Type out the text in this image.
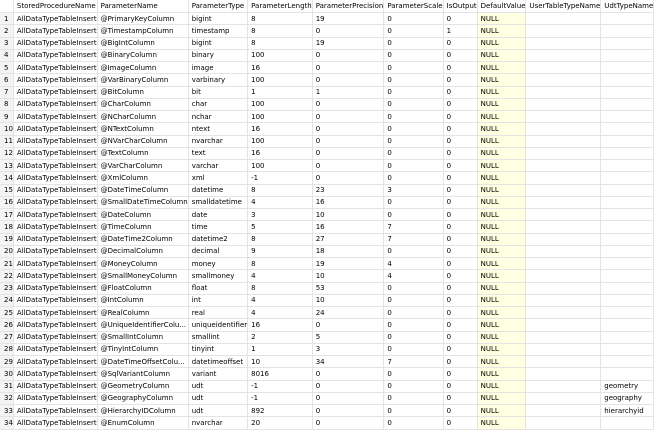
	StoredProcedureName	ParameterName	ParameterType	ParameterLength	ParameterPrecision	ParameterScale	IsOutput	DefaultValue	UserTableTypeName	UdtTypeName
1	AllDataTypeTableInsert	@PrimaryKeyColumn	bigint	8	19	0	0	NULL		
2	AllDataTypeTableInsert	@TimestampColumn	timestamp	8	0	0	1	NULL		
3	AllDataTypeTableInsert	@BigIntColumn	bigint	8	19	0	0	NULL		
4	AllDataTypeTableInsert	@BinaryColumn	binary	100	0	0	0	NULL		
5	AllDataTypeTableInsert	@ImageColumn	image	16	0	0	0	NULL		
6	AllDataTypeTableInsert	@VarBinaryColumn	varbinary	100	0	0	0	NULL		
7	AllDataTypeTableInsert	@BitColumn	bit	1	1	0	0	NULL		
8	AllDataTypeTableInsert	@CharColumn	char	100	0	0	0	NULL		
9	AllDataTypeTableInsert	@NCharColumn	nchar	100	0	0	0	NULL		
10	AllDataTypeTableInsert	@NTextColumn	ntext	16	0	0	0	NULL		
11	AllDataTypeTableInsert	@NVarCharColumn	nvarchar	100	0	0	0	NULL		
12	AllDataTypeTableInsert	@TextColumn	text	16	0	0	0	NULL		
13	AllDataTypeTableInsert	@VarCharColumn	varchar	100	0	0	0	NULL		
14	AllDataTypeTableInsert	@XmlColumn	xml	-1	0	0	0	NULL		
15	AllDataTypeTableInsert	@DateTimeColumn	datetime	8	23	3	0	NULL		
16	AllDataTypeTableInsert	@SmallDateTimeColumn	smalldatetime	4	16	0	0	NULL		
17	AllDataTypeTableInsert	@DateColumn	date	3	10	0	0	NULL		
18	AllDataTypeTableInsert	@TimeColumn	time	5	16	7	0	NULL		
19	AllDataTypeTableInsert	@DateTime2Column	datetime2	8	27	7	0	NULL		
20	AllDataTypeTableInsert	@DecimalColumn	decimal	9	18	0	0	NULL		
21	AllDataTypeTableInsert	@MoneyColumn	money	8	19	4	0	NULL		
22	AllDataTypeTableInsert	@SmallMoneyColumn	smallmoney	4	10	4	0	NULL		
23	AllDataTypeTableInsert	@FloatColumn	float	8	53	0	0	NULL		
24	AllDataTypeTableInsert	@IntColumn	int	4	10	0	0	NULL		
25	AllDataTypeTableInsert	@RealColumn	real	4	24	0	0	NULL		
26	AllDataTypeTableInsert	@UniqueIdentifierColu...	uniqueidentifier	16	0	0	0	NULL		
27	AllDataTypeTableInsert	@SmallIntColumn	smallint	2	5	0	0	NULL		
28	AllDataTypeTableInsert	@TinyIntColumn	tinyint	1	3	0	0	NULL		
29	AllDataTypeTableInsert	@DateTimeOffsetColu...	datetimeoffset	10	34	7	0	NULL		
30	AllDataTypeTableInsert	@SqlVariantColumn	variant	8016	0	0	0	NULL		
31	AllDataTypeTableInsert	@GeometryColumn	udt	-1	0	0	0	NULL		geometry
32	AllDataTypeTableInsert	@GeographyColumn	udt	-1	0	0	0	NULL		geography
33	AllDataTypeTableInsert	@HierarchyIDColumn	udt	892	0	0	0	NULL		hierarchyid
34	AllDataTypeTableInsert	@EnumColumn	nvarchar	20	0	0	0	NULL		
